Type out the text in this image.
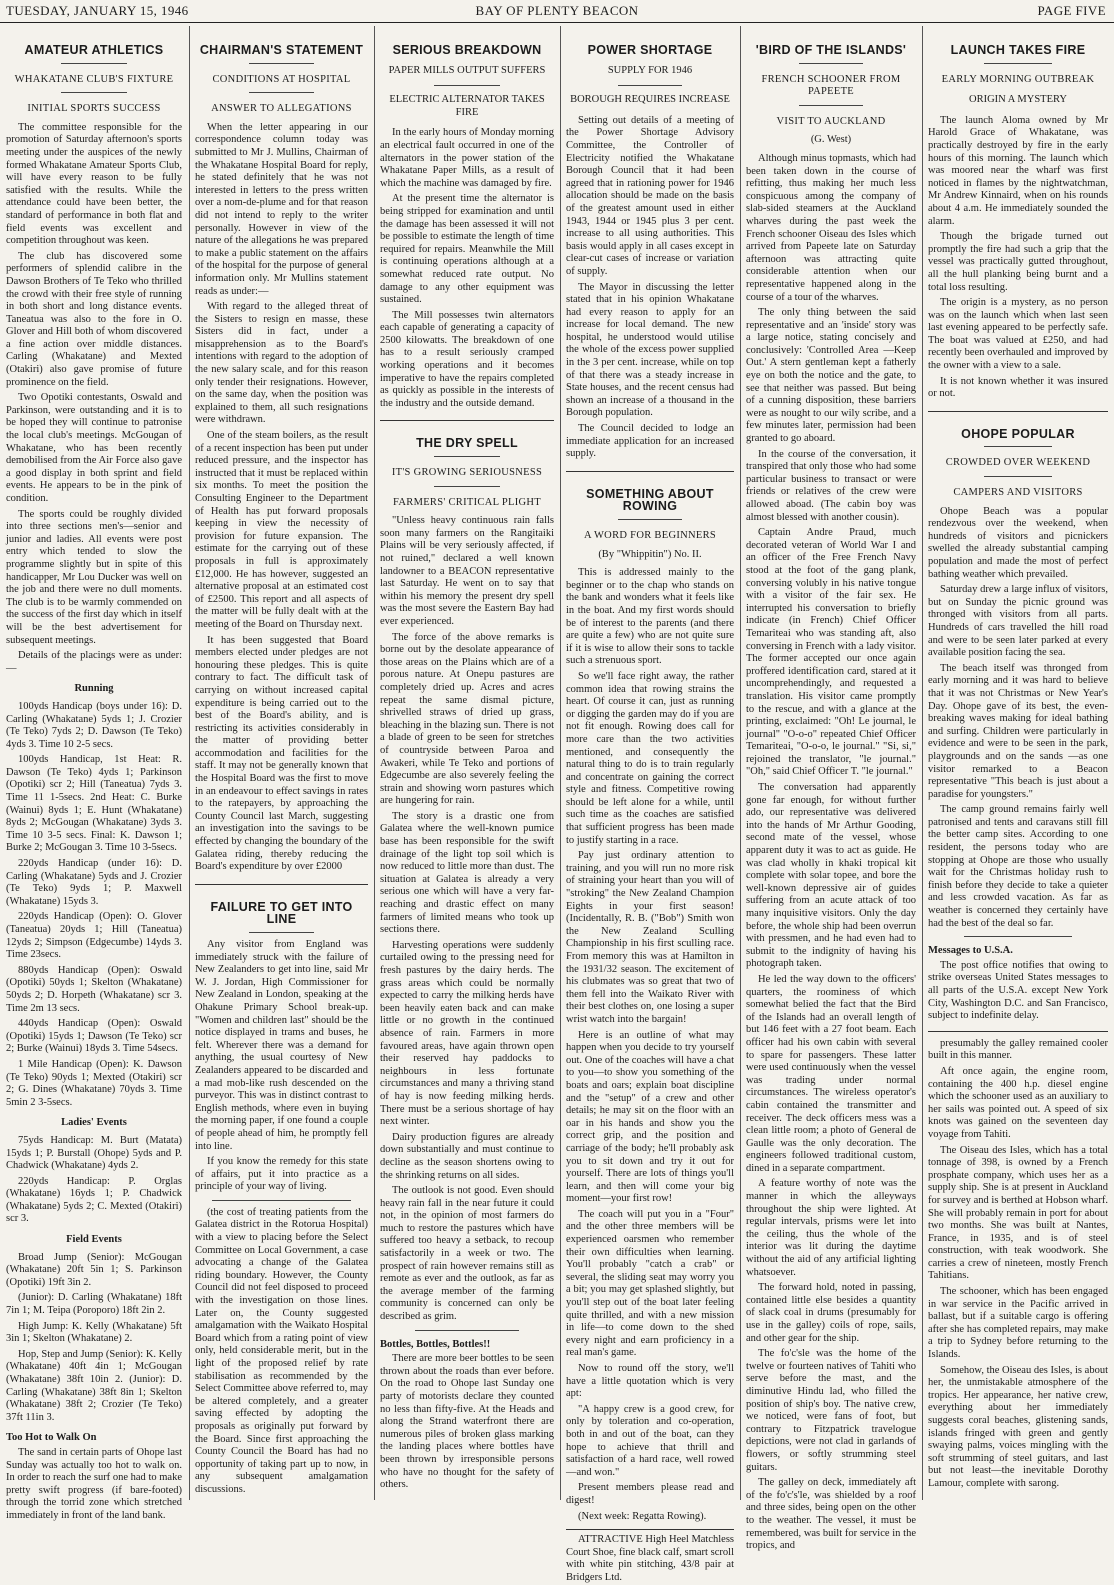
TUESDAY, JANUARY 15, 1946	BAY OF PLENTY BEACON	PAGE FIVE
AMATEUR ATHLETICS
WHAKATANE CLUB'S FIXTURE
INITIAL SPORTS SUCCESS

The committee responsible for the promotion of Saturday afternoon's sports meeting under the auspices of the newly formed Whakatane Amateur Sports Club, will have every reason to be fully satisfied with the results. While the attendance could have been better, the standard of performance in both flat and field events was excellent and competition throughout was keen.

The club has discovered some performers of splendid calibre in the Dawson Brothers of Te Teko who thrilled the crowd with their free style of running in both short and long distance events. Taneatua was also to the fore in O. Glover and Hill both of whom discovered a fine action over middle distances. Carling (Whakatane) and Mexted (Otakiri) also gave promise of future prominence on the field.

Two Opotiki contestants, Oswald and Parkinson, were outstanding and it is to be hoped they will continue to patronise the local club's meetings. McGougan of Whakatane, who has been recently demobilised from the Air Force also gave a good display in both sprint and field events. He appears to be in the pink of condition.

The sports could be roughly divided into three sections men's—senior and junior and ladies. All events were post entry which tended to slow the programme slightly but in spite of this handicapper, Mr Lou Ducker was well on the job and there were no dull moments. The club is to be warmly commended on the success of the first day which in itself will be the best advertisement for subsequent meetings.

Details of the placings were as under:—

Running

100yds Handicap (boys under 16): D. Carling (Whakatane) 5yds 1; J. Crozier (Te Teko) 7yds 2; D. Dawson (Te Teko) 4yds 3. Time 10 2-5 secs.

100yds Handicap, 1st Heat: R. Dawson (Te Teko) 4yds 1; Parkinson (Opotiki) scr 2; Hill (Taneatua) 7yds 3. Time 11 1-5secs. 2nd Heat: C. Burke (Wainui) 8yds 1; E. Hunt (Whakatane) 8yds 2; McGougan (Whakatane) 3yds 3. Time 10 3-5 secs. Final: K. Dawson 1; Burke 2; McGougan 3. Time 10 3-5secs.

220yds Handicap (under 16): D. Carling (Whakatane) 5yds and J. Crozier (Te Teko) 9yds 1; P. Maxwell (Whakatane) 15yds 3.

220yds Handicap (Open): O. Glover (Taneatua) 20yds 1; Hill (Taneatua) 12yds 2; Simpson (Edgecumbe) 14yds 3. Time 23secs.

880yds Handicap (Open): Oswald (Opotiki) 50yds 1; Skelton (Whakatane) 50yds 2; D. Horpeth (Whakatane) scr 3. Time 2m 13 secs.

440yds Handicap (Open): Oswald (Opotiki) 15yds 1; Dawson (Te Teko) scr 2; Burke (Wainui) 18yds 3. Time 54secs.

1 Mile Handicap (Open): K. Dawson (Te Teko) 90yds 1; Mexted (Otakiri) scr 2; G. Dines (Whakatane) 70yds 3. Time 5min 2 3-5secs.

Ladies' Events

75yds Handicap: M. Burt (Matata) 15yds 1; P. Burstall (Ohope) 5yds and P. Chadwick (Whakatane) 4yds 2.

220yds Handicap: P. Orglas (Whakatane) 16yds 1; P. Chadwick (Whakatane) 5yds 2; C. Mexted (Otakiri) scr 3.

Field Events

Broad Jump (Senior): McGougan (Whakatane) 20ft 5in 1; S. Parkinson (Opotiki) 19ft 3in 2.

(Junior): D. Carling (Whakatane) 18ft 7in 1; M. Teipa (Poroporo) 18ft 2in 2.

High Jump: K. Kelly (Whakatane) 5ft 3in 1; Skelton (Whakatane) 2.

Hop, Step and Jump (Senior): K. Kelly (Whakatane) 40ft 4in 1; McGougan (Whakatane) 38ft 10in 2. (Junior): D. Carling (Whakatane) 38ft 8in 1; Skelton (Whakatane) 38ft 2; Crozier (Te Teko) 37ft 11in 3.

Too Hot to Walk On

The sand in certain parts of Ohope last Sunday was actually too hot to walk on. In order to reach the surf one had to make pretty swift progress (if bare-footed) through the torrid zone which stretched immediately in front of the land bank.

CHAIRMAN'S STATEMENT
CONDITIONS AT HOSPITAL
ANSWER TO ALLEGATIONS

When the letter appearing in our correspondence column today was submitted to Mr J. Mullins, Chairman of the Whakatane Hospital Board for reply, he stated definitely that he was not interested in letters to the press written over a nom-de-plume and for that reason did not intend to reply to the writer personally. However in view of the nature of the allegations he was prepared to make a public statement on the affairs of the hospital for the purpose of general information only. Mr Mullins statement reads as under:—

With regard to the alleged threat of the Sisters to resign en masse, these Sisters did in fact, under a misapprehension as to the Board's intentions with regard to the adoption of the new salary scale, and for this reason only tender their resignations. However, on the same day, when the position was explained to them, all such resignations were withdrawn.

One of the steam boilers, as the result of a recent inspection has been put under reduced pressure, and the inspector has instructed that it must be replaced within six months. To meet the position the Consulting Engineer to the Department of Health has put forward proposals keeping in view the necessity of provision for future expansion. The estimate for the carrying out of these proposals in full is approximately £12,000. He has however, suggested an alternative proposal at an estimated cost of £2500. This report and all aspects of the matter will be fully dealt with at the meeting of the Board on Thursday next.

It has been suggested that Board members elected under pledges are not honouring these pledges. This is quite contrary to fact. The difficult task of carrying on without increased capital expenditure is being carried out to the best of the Board's ability, and is restricting its activities considerably in the matter of providing better accommodation and facilities for the staff. It may not be generally known that the Hospital Board was the first to move in an endeavour to effect savings in rates to the ratepayers, by approaching the County Council last March, suggesting an investigation into the savings to be effected by changing the boundary of the Galatea riding, thereby reducing the Board's expenditure by over £2000

FAILURE TO GET INTO LINE

Any visitor from England was immediately struck with the failure of New Zealanders to get into line, said Mr W. J. Jordan, High Commissioner for New Zealand in London, speaking at the Ohakune Primary School break-up. "Women and children last" should be the notice displayed in trams and buses, he felt. Wherever there was a demand for anything, the usual courtesy of New Zealanders appeared to be discarded and a mad mob-like rush descended on the purveyor. This was in distinct contrast to English methods, where even in buying the morning paper, if one found a couple of people ahead of him, he promptly fell into line.

If you know the remedy for this state of affairs, put it into practice as a principle of your way of living.

(the cost of treating patients from the Galatea district in the Rotorua Hospital) with a view to placing before the Select Committee on Local Government, a case advocating a change of the Galatea riding boundary. However, the County Council did not feel disposed to proceed with the investigation on those lines. Later on, the County suggested amalgamation with the Waikato Hospital Board which from a rating point of view only, held considerable merit, but in the light of the proposed relief by rate stabilisation as recommended by the Select Committee above referred to, may be altered completely, and a greater saving effected by adopting the proposals as originally put forward by the Board. Since first approaching the County Council the Board has had no opportunity of taking part up to now, in any subsequent amalgamation discussions.

SERIOUS BREAKDOWN
PAPER MILLS OUTPUT SUFFERS
ELECTRIC ALTERNATOR TAKES FIRE

In the early hours of Monday morning an electrical fault occurred in one of the alternators in the power station of the Whakatane Paper Mills, as a result of which the machine was damaged by fire.

At the present time the alternator is being stripped for examination and until the damage has been assessed it will not be possible to estimate the length of time required for repairs. Meanwhile the Mill is continuing operations although at a somewhat reduced rate output. No damage to any other equipment was sustained.

The Mill possesses twin alternators each capable of generating a capacity of 2500 kilowatts. The breakdown of one has to a result seriously cramped working operations and it becomes imperative to have the repairs completed as quickly as possible in the interests of the industry and the outside demand.

THE DRY SPELL
IT'S GROWING SERIOUSNESS
FARMERS' CRITICAL PLIGHT

"Unless heavy continuous rain falls soon many farmers on the Rangitaiki Plains will be very seriously affected, if not ruined," declared a well known landowner to a BEACON representative last Saturday. He went on to say that within his memory the present dry spell was the most severe the Eastern Bay had ever experienced.

The force of the above remarks is borne out by the desolate appearance of those areas on the Plains which are of a porous nature. At Onepu pastures are completely dried up. Acres and acres repeat the same dismal picture, shrivelled straws of dried up grass, bleaching in the blazing sun. There is not a blade of green to be seen for stretches of countryside between Paroa and Awakeri, while Te Teko and portions of Edgecumbe are also severely feeling the strain and showing worn pastures which are hungering for rain.

The story is a drastic one from Galatea where the well-known pumice base has been responsible for the swift drainage of the light top soil which is now reduced to little more than dust. The situation at Galatea is already a very serious one which will have a very far-reaching and drastic effect on many farmers of limited means who took up sections there.

Harvesting operations were suddenly curtailed owing to the pressing need for fresh pastures by the dairy herds. The grass areas which could be normally expected to carry the milking herds have been heavily eaten back and can make little or no growth in the continued absence of rain. Farmers in more favoured areas, have again thrown open their reserved hay paddocks to neighbours in less fortunate circumstances and many a thriving stand of hay is now feeding milking herds. There must be a serious shortage of hay next winter.

Dairy production figures are already down substantially and must continue to decline as the season shortens owing to the shrinking returns on all sides.

The outlook is not good. Even should heavy rain fall in the near future it could not, in the opinion of most farmers do much to restore the pastures which have suffered too heavy a setback, to recoup satisfactorily in a week or two. The prospect of rain however remains still as remote as ever and the outlook, as far as the average member of the farming community is concerned can only be described as grim.

Bottles, Bottles, Bottles!!

There are more beer bottles to be seen thrown about the roads than ever before. On the road to Ohope last Sunday one party of motorists declare they counted no less than fifty-five. At the Heads and along the Strand waterfront there are numerous piles of broken glass marking the landing places where bottles have been thrown by irresponsible persons who have no thought for the safety of others.

POWER SHORTAGE
SUPPLY FOR 1946
BOROUGH REQUIRES INCREASE

Setting out details of a meeting of the Power Shortage Advisory Committee, the Controller of Electricity notified the Whakatane Borough Council that it had been agreed that in rationing power for 1946 allocation should be made on the basis of the greatest amount used in either 1943, 1944 or 1945 plus 3 per cent. increase to all using authorities. This basis would apply in all cases except in clear-cut cases of increase or variation of supply.

The Mayor in discussing the letter stated that in his opinion Whakatane had every reason to apply for an increase for local demand. The new hospital, he understood would utilise the whole of the excess power supplied in the 3 per cent. increase, while on top of that there was a steady increase in State houses, and the recent census had shown an increase of a thousand in the Borough population.

The Council decided to lodge an immediate application for an increased supply.

SOMETHING ABOUT ROWING
A WORD FOR BEGINNERS
(By "Whippitin") No. II.

This is addressed mainly to the beginner or to the chap who stands on the bank and wonders what it feels like in the boat. And my first words should be of interest to the parents (and there are quite a few) who are not quite sure if it is wise to allow their sons to tackle such a strenuous sport.

So we'll face right away, the rather common idea that rowing strains the heart. Of course it can, just as running or digging the garden may do if you are not fit enough. Rowing does call for more care than the two activities mentioned, and consequently the natural thing to do is to train regularly and concentrate on gaining the correct style and fitness. Competitive rowing should be left alone for a while, until such time as the coaches are satisfied that sufficient progress has been made to justify starting in a race.

Pay just ordinary attention to training, and you will run no more risk of straining your heart than you will of "stroking" the New Zealand Champion Eights in your first season! (Incidentally, R. B. ("Bob") Smith won the New Zealand Sculling Championship in his first sculling race. From memory this was at Hamilton in the 1931/32 season. The excitement of his clubmates was so great that two of them fell into the Waikato River with their best clothes on, one losing a super wrist watch into the bargain!

Here is an outline of what may happen when you decide to try yourself out. One of the coaches will have a chat to you—to show you something of the boats and oars; explain boat discipline and the "setup" of a crew and other details; he may sit on the floor with an oar in his hands and show you the correct grip, and the position and carriage of the body; he'll probably ask you to sit down and try it out for yourself. There are lots of things you'll learn, and then will come your big moment—your first row!

The coach will put you in a "Four" and the other three members will be experienced oarsmen who remember their own difficulties when learning. You'll probably "catch a crab" or several, the sliding seat may worry you a bit; you may get splashed slightly, but you'll step out of the boat later feeling quite thrilled, and with a new mission in life—to come down to the shed every night and earn proficiency in a real man's game.

Now to round off the story, we'll have a little quotation which is very apt:

"A happy crew is a good crew, for only by toleration and co-operation, both in and out of the boat, can they hope to achieve that thrill and satisfaction of a hard race, well rowed—and won."

Present members please read and digest!

(Next week: Regatta Rowing).

ATTRACTIVE High Heel Matchless Court Shoe, fine black calf, smart scroll with white pin stitching, 43/8 pair at Bridgers Ltd.

'BIRD OF THE ISLANDS'
FRENCH SCHOONER FROM PAPEETE
VISIT TO AUCKLAND
(G. West)

Although minus topmasts, which had been taken down in the course of refitting, thus making her much less conspicuous among the company of slab-sided steamers at the Auckland wharves during the past week the French schooner Oiseau des Isles which arrived from Papeete late on Saturday afternoon was attracting quite considerable attention when our representative happened along in the course of a tour of the wharves.

The only thing between the said representative and an 'inside' story was a large notice, stating concisely and conclusively: 'Controlled Area —Keep Out.' A stern gentleman kept a fatherly eye on both the notice and the gate, to see that neither was passed. But being of a cunning disposition, these barriers were as nought to our wily scribe, and a few minutes later, permission had been granted to go aboard.

In the course of the conversation, it transpired that only those who had some particular business to transact or were friends or relatives of the crew were allowed aboad. (The cabin boy was almost blessed with another cousin).

Captain Andre Praud, much decorated veteran of World War I and an officer of the Free French Navy stood at the foot of the gang plank, conversing volubly in his native tongue with a visitor of the fair sex. He interrupted his conversation to briefly indicate (in French) Chief Officer Temariteai who was standing aft, also conversing in French with a lady visitor. The former accepted our once again proffered identification card, stared at it uncomprehendingly, and requested a translation. His visitor came promptly to the rescue, and with a glance at the printing, exclaimed: "Oh! Le journal, le journal" "O-o-o" repeated Chief Officer Temariteai, "O-o-o, le journal." "Si, si," rejoined the translator, "le journal." "Oh," said Chief Officer T. "le journal."

The conversation had apparently gone far enough, for without further ado, our representative was delivered into the hands of Mr Arthur Gooding, second mate of the vessel, whose apparent duty it was to act as guide. He was clad wholly in khaki tropical kit complete with solar topee, and bore the well-known depressive air of guides suffering from an acute attack of too many inquisitive visitors. Only the day before, the whole ship had been overrun with pressmen, and he had even had to submit to the indignity of having his photograph taken.

He led the way down to the officers' quarters, the roominess of which somewhat belied the fact that the Bird of the Islands had an overall length of but 146 feet with a 27 foot beam. Each officer had his own cabin with several to spare for passengers. These latter were used continuously when the vessel was trading under normal circumstances. The wireless operator's cabin contained the transmitter and receiver. The deck officers mess was a clean little room; a photo of General de Gaulle was the only decoration. The engineers followed traditional custom, dined in a separate compartment.

A feature worthy of note was the manner in which the alleyways throughout the ship were lighted. At regular intervals, prisms were let into the ceiling, thus the whole of the interior was lit during the daytime without the aid of any artificial lighting whatsoever.

The forward hold, noted in passing, contained little else besides a quantity of slack coal in drums (presumably for use in the galley) coils of rope, sails, and other gear for the ship.

The fo'c'sle was the home of the twelve or fourteen natives of Tahiti who serve before the mast, and the diminutive Hindu lad, who filled the position of ship's boy. The native crew, we noticed, were fans of foot, but contrary to Fitzpatrick travelogue depictions, were not clad in garlands of flowers, or softly strumming steel guitars.

The galley on deck, immediately aft of the fo'c's'le, was shielded by a roof and three sides, being open on the other to the weather. The vessel, it must be remembered, was built for service in the tropics, and

LAUNCH TAKES FIRE
EARLY MORNING OUTBREAK
ORIGIN A MYSTERY

The launch Aloma owned by Mr Harold Grace of Whakatane, was practically destroyed by fire in the early hours of this morning. The launch which was moored near the wharf was first noticed in flames by the nightwatchman, Mr Andrew Kinnaird, when on his rounds about 4 a.m. He immediately sounded the alarm.

Though the brigade turned out promptly the fire had such a grip that the vessel was practically gutted throughout, all the hull planking being burnt and a total loss resulting.

The origin is a mystery, as no person was on the launch which when last seen last evening appeared to be perfectly safe. The boat was valued at £250, and had recently been overhauled and improved by the owner with a view to a sale.

It is not known whether it was insured or not.

OHOPE POPULAR
CROWDED OVER WEEKEND
CAMPERS AND VISITORS

Ohope Beach was a popular rendezvous over the weekend, when hundreds of visitors and picnickers swelled the already substantial camping population and made the most of perfect bathing weather which prevailed.

Saturday drew a large influx of visitors, but on Sunday the picnic ground was thronged with visitors from all parts. Hundreds of cars travelled the hill road and were to be seen later parked at every available position facing the sea.

The beach itself was thronged from early morning and it was hard to believe that it was not Christmas or New Year's Day. Ohope gave of its best, the even-breaking waves making for ideal bathing and surfing. Children were particularly in evidence and were to be seen in the park, playgrounds and on the sands —as one visitor remarked to a Beacon representative "This beach is just about a paradise for youngsters."

The camp ground remains fairly well patronised and tents and caravans still fill the better camp sites. According to one resident, the persons today who are stopping at Ohope are those who usually wait for the Christmas holiday rush to finish before they decide to take a quieter and less crowded vacation. As far as weather is concerned they certainly have had the best of the deal so far.

Messages to U.S.A.

The post office notifies that owing to strike overseas United States messages to all parts of the U.S.A. except New York City, Washington D.C. and San Francisco, subject to indefinite delay.

presumably the galley remained cooler built in this manner.

Aft once again, the engine room, containing the 400 h.p. diesel engine which the schooner used as an auxiliary to her sails was pointed out. A speed of six knots was gained on the seventeen day voyage from Tahiti.

The Oiseau des Isles, which has a total tonnage of 398, is owned by a French prosphate company, which uses her as a supply ship. She is at present in Auckland for survey and is berthed at Hobson wharf. She will probably remain in port for about two months. She was built at Nantes, France, in 1935, and is of steel construction, with teak woodwork. She carries a crew of nineteen, mostly French Tahitians.

The schooner, which has been engaged in war service in the Pacific arrived in ballast, but if a suitable cargo is offering after she has completed repairs, may make a trip to Sydney before returning to the Islands.

Somehow, the Oiseau des Isles, is about her, the unmistakable atmosphere of the tropics. Her appearance, her native crew, everything about her immediately suggests coral beaches, glistening sands, islands fringed with green and gently swaying palms, voices mingling with the soft strumming of steel guitars, and last but not least—the inevitable Dorothy Lamour, complete with sarong.
